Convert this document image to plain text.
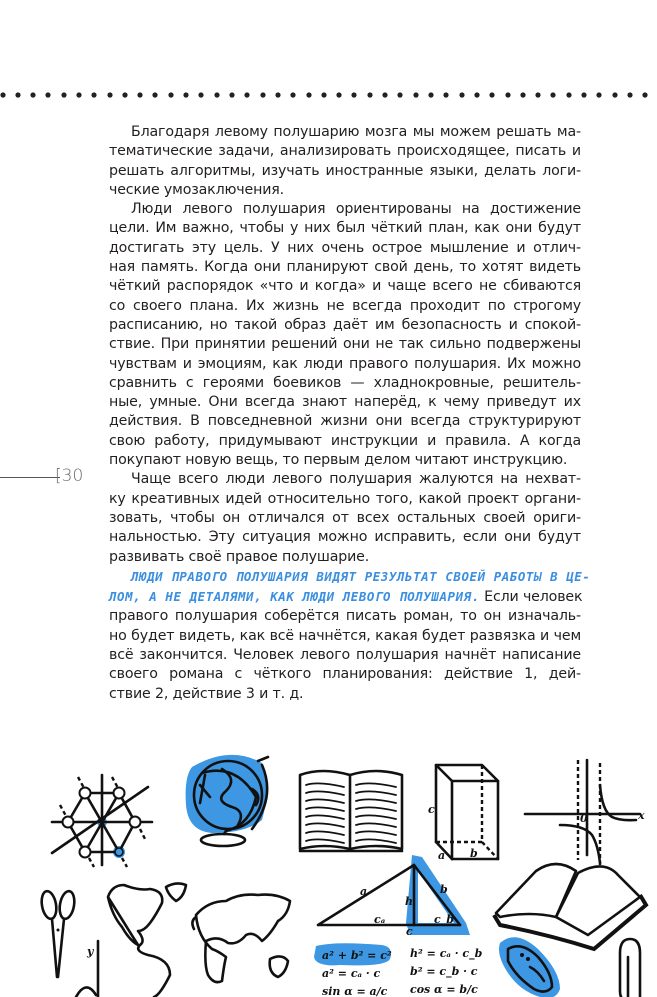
[30

Благодаря левому полушарию мозга мы можем решать ма-
тематические задачи, анализировать происходящее, писать и
решать алгоритмы, изучать иностранные языки, делать логи-
ческие умозаключения.

Люди левого полушария ориентированы на достижение
цели. Им важно, чтобы у них был чёткий план, как они будут
достигать эту цель. У них очень острое мышление и отлич-
ная память. Когда они планируют свой день, то хотят видеть
чёткий распорядок «что и когда» и чаще всего не сбиваются
со своего плана. Их жизнь не всегда проходит по строгому
расписанию, но такой образ даёт им безопасность и спокой-
ствие. При принятии решений они не так сильно подвержены
чувствам и эмоциям, как люди правого полушария. Их можно
сравнить с героями боевиков — хладнокровные, решитель-
ные, умные. Они всегда знают наперёд, к чему приведут их
действия. В повседневной жизни они всегда структурируют
свою работу, придумывают инструкции и правила. А когда
покупают новую вещь, то первым делом читают инструкцию.

Чаще всего люди левого полушария жалуются на нехват-
ку креативных идей относительно того, какой проект органи-
зовать, чтобы он отличался от всех остальных своей ориги-
нальностью. Эту ситуация можно исправить, если они будут
развивать своё правое полушарие.

ЛЮДИ ПРАВОГО ПОЛУШАРИЯ ВИДЯТ РЕЗУЛЬТАТ СВОЕЙ РАБОТЫ В ЦЕ-
ЛОМ, А НЕ ДЕТАЛЯМИ, КАК ЛЮДИ ЛЕВОГО ПОЛУШАРИЯ. Если человек
правого полушария соберётся писать роман, то он изначаль-
но будет видеть, как всё начнётся, какая будет развязка и чем
всё закончится. Человек левого полушария начнёт написание
своего романа с чёткого планирования: действие 1, дей-
ствие 2, действие 3 и т. д.

c
a b
x
0
y
a	b
h
cₐ	c_b
c
a² + b² = c²
a² = cₐ · c
sin α = a/c
h² = cₐ · c_b
b² = c_b · c
cos α = b/c
